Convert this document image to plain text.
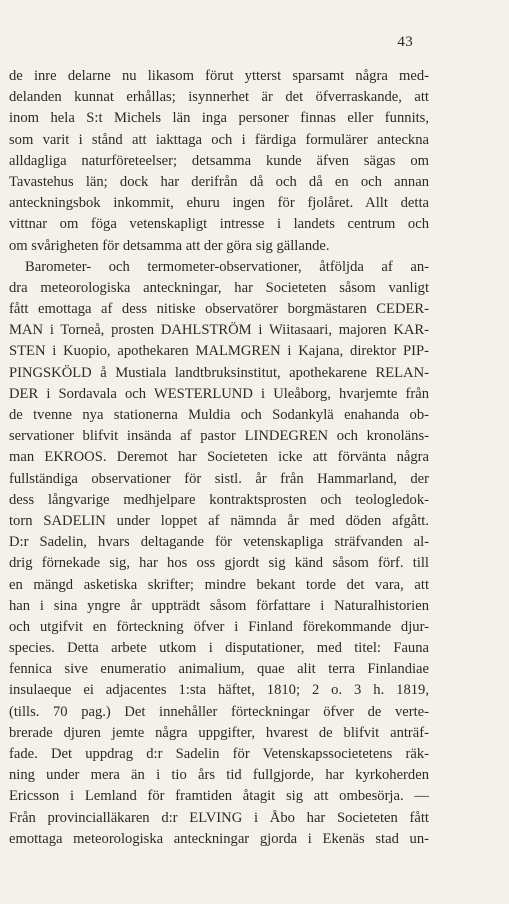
43
de inre delarne nu likasom förut ytterst sparsamt några med-
delanden kunnat erhållas; isynnerhet är det öfverraskande, att
inom hela S:t Michels län inga personer finnas eller funnits,
som varit i stånd att iakttaga och i färdiga formulärer anteckna
alldagliga naturföreteelser; detsamma kunde äfven sägas om
Tavastehus län; dock har derifrån då och då en och annan
anteckningsbok inkommit, ehuru ingen för fjolåret. Allt detta
vittnar om föga vetenskapligt intresse i landets centrum och
om svårigheten för detsamma att der göra sig gällande.
Barometer- och termometer-observationer, åtföljda af an-
dra meteorologiska anteckningar, har Societeten såsom vanligt
fått emottaga af dess nitiske observatörer borgmästaren CEDER-
MAN i Torneå, prosten DAHLSTRÖM i Wiitasaari, majoren KAR-
STEN i Kuopio, apothekaren MALMGREN i Kajana, direktor PIP-
PINGSKÖLD å Mustiala landtbruksinstitut, apothekarene RELAN-
DER i Sordavala och WESTERLUND i Uleåborg, hvarjemte från
de tvenne nya stationerna Muldia och Sodankylä enahanda ob-
servationer blifvit insända af pastor LINDEGREN och kronoläns-
man EKROOS. Deremot har Societeten icke att förvänta några
fullständiga observationer för sistl. år från Hammarland, der
dess långvarige medhjelpare kontraktsprosten och teologledok-
torn SADELIN under loppet af nämnda år med döden afgått.
D:r Sadelin, hvars deltagande för vetenskapliga sträfvanden al-
drig förnekade sig, har hos oss gjordt sig känd såsom förf. till
en mängd asketiska skrifter; mindre bekant torde det vara, att
han i sina yngre år uppträdt såsom författare i Naturalhistorien
och utgifvit en förteckning öfver i Finland förekommande djur-
species. Detta arbete utkom i disputationer, med titel: Fauna
fennica sive enumeratio animalium, quae alit terra Finlandiae
insulaeque ei adjacentes 1:sta häftet, 1810; 2 o. 3 h. 1819,
(tills. 70 pag.) Det innehåller förteckningar öfver de verte-
brerade djuren jemte några uppgifter, hvarest de blifvit anträf-
fade. Det uppdrag d:r Sadelin för Vetenskapssocietetens räk-
ning under mera än i tio års tid fullgjorde, har kyrkoherden
Ericsson i Lemland för framtiden åtagit sig att ombesörja. —
Från provincialläkaren d:r ELVING i Åbo har Societeten fått
emottaga meteorologiska anteckningar gjorda i Ekenäs stad un-
